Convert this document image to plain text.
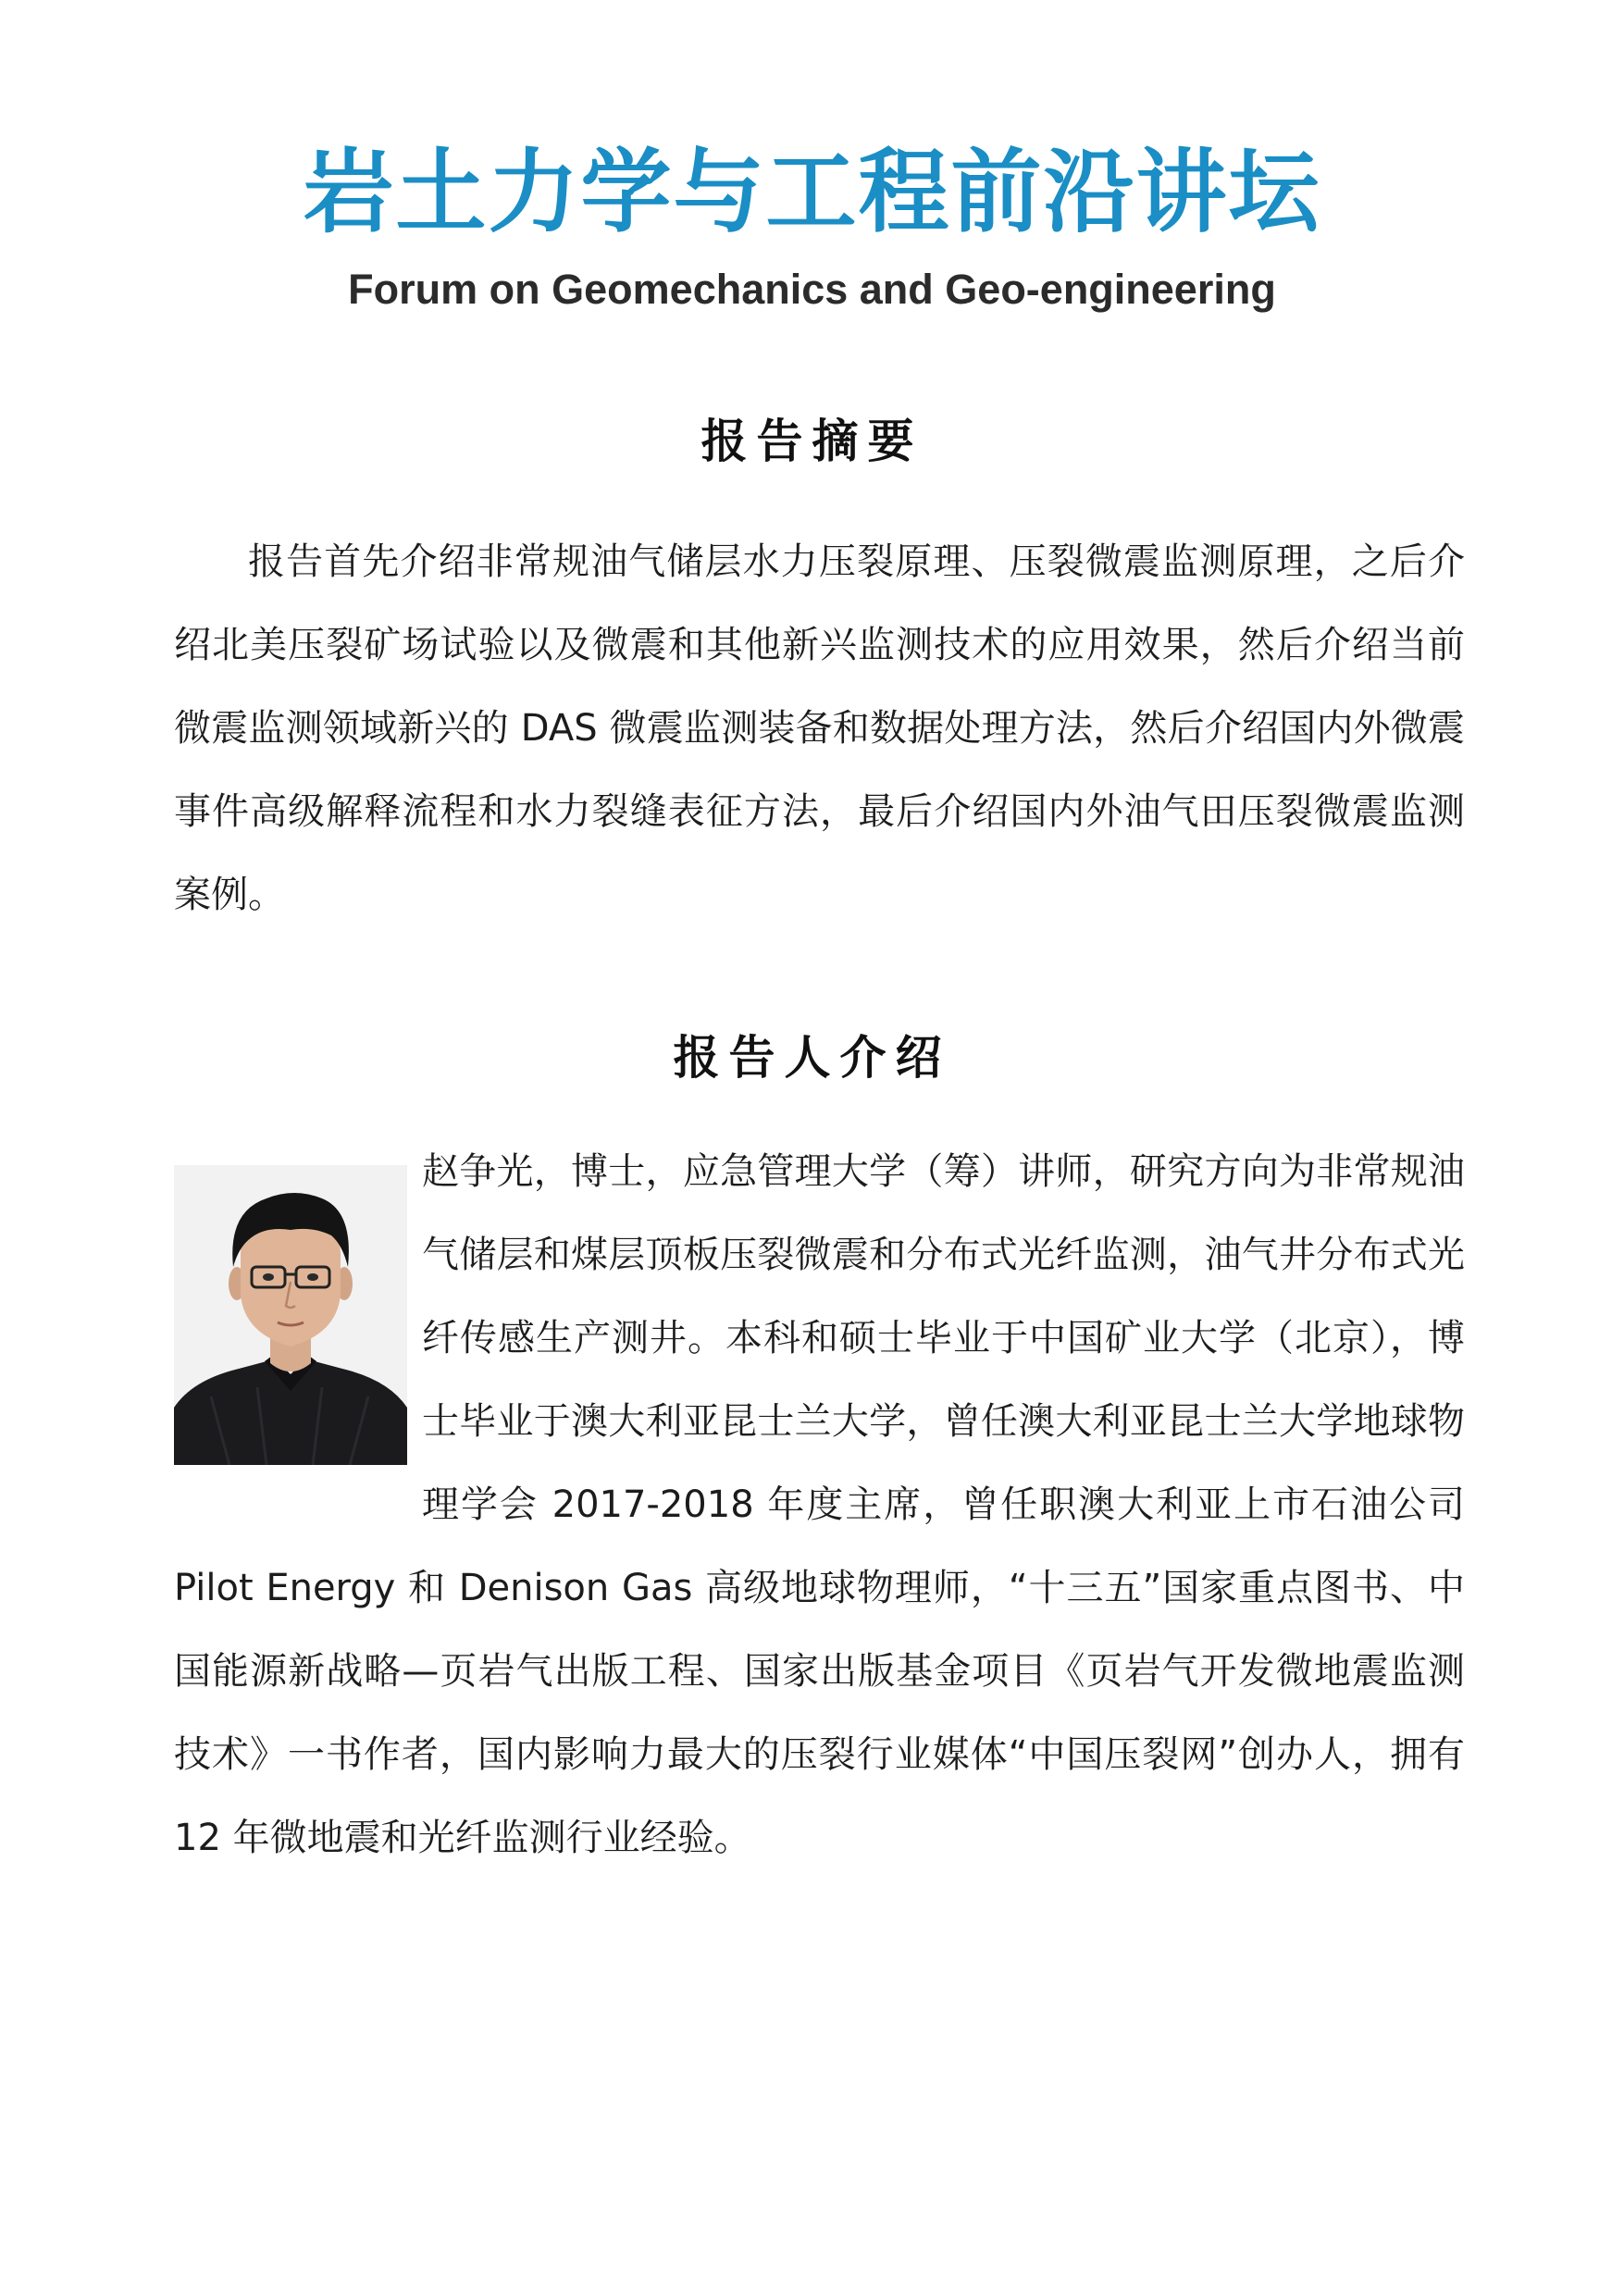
岩土力学与工程前沿讲坛
Forum on Geomechanics and Geo-engineering
报告摘要

报告首先介绍非常规油气储层水力压裂原理、压裂微震监测原理，之后介绍北美压裂矿场试验以及微震和其他新兴监测技术的应用效果，然后介绍当前微震监测领域新兴的 DAS 微震监测装备和数据处理方法，然后介绍国内外微震事件高级解释流程和水力裂缝表征方法，最后介绍国内外油气田压裂微震监测案例。

报告人介绍

赵争光，博士，应急管理大学（筹）讲师，研究方向为非常规油气储层和煤层顶板压裂微震和分布式光纤监测，油气井分布式光纤传感生产测井。本科和硕士毕业于中国矿业大学（北京），博士毕业于澳大利亚昆士兰大学，曾任澳大利亚昆士兰大学地球物理学会 2017-2018 年度主席，曾任职澳大利亚上市石油公司 Pilot Energy 和 Denison Gas 高级地球物理师，“十三五”国家重点图书、中国能源新战略—页岩气出版工程、国家出版基金项目《页岩气开发微地震监测技术》一书作者，国内影响力最大的压裂行业媒体“中国压裂网”创办人，拥有 12 年微地震和光纤监测行业经验。
